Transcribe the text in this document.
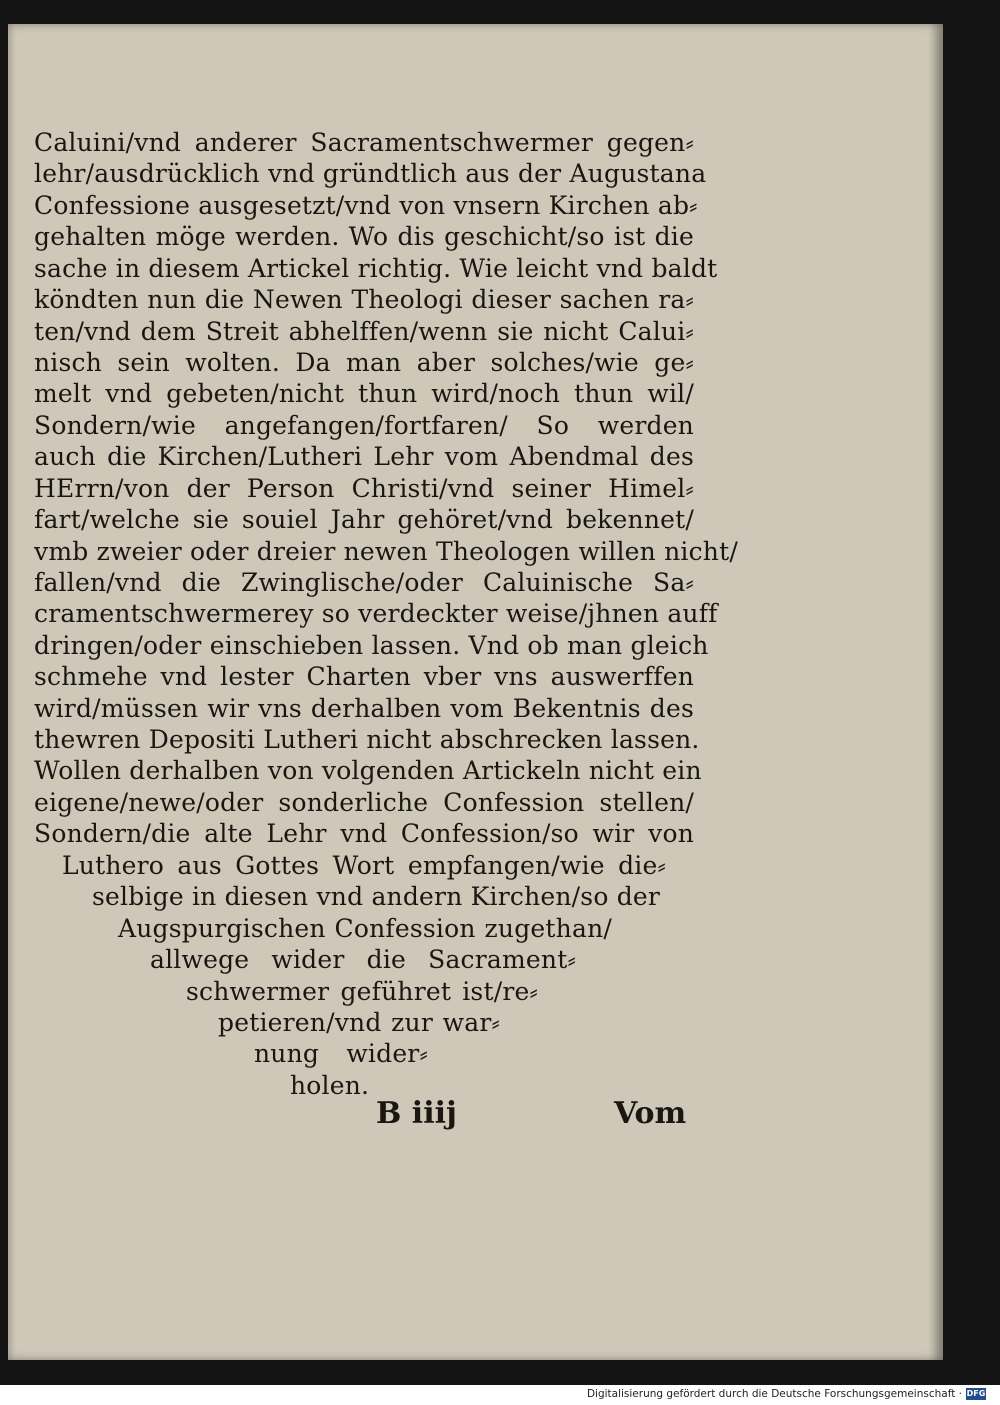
Caluini/vnd anderer Sacramentschwermer gegen⸗
lehr/ausdrücklich vnd gründtlich aus der Augustana
Confessione ausgesetzt/vnd von vnsern Kirchen ab⸗
gehalten möge werden. Wo dis geschicht/so ist die
sache in diesem Artickel richtig. Wie leicht vnd baldt
köndten nun die Newen Theologi dieser sachen ra⸗
ten/vnd dem Streit abhelffen/wenn sie nicht Calui⸗
nisch sein wolten. Da man aber solches/wie ge⸗
melt vnd gebeten/nicht thun wird/noch thun wil/
Sondern/wie angefangen/fortfaren/ So werden
auch die Kirchen/Lutheri Lehr vom Abendmal des
HErrn/von der Person Christi/vnd seiner Himel⸗
fart/welche sie souiel Jahr gehöret/vnd bekennet/
vmb zweier oder dreier newen Theologen willen nicht/
fallen/vnd die Zwinglische/oder Caluinische Sa⸗
cramentschwermerey so verdeckter weise/jhnen auff
dringen/oder einschieben lassen. Vnd ob man gleich
schmehe vnd lester Charten vber vns auswerffen
wird/müssen wir vns derhalben vom Bekentnis des
thewren Depositi Lutheri nicht abschrecken lassen.
Wollen derhalben von volgenden Artickeln nicht ein
eigene/newe/oder sonderliche Confession stellen/
Sondern/die alte Lehr vnd Confession/so wir von
Luthero aus Gottes Wort empfangen/wie die⸗
selbige in diesen vnd andern Kirchen/so der
Augspurgischen Confession zugethan/
allwege wider die Sacrament⸗
schwermer geführet ist/re⸗
petieren/vnd zur war⸗
nung wider⸗
holen.
B iiij	Vom
Digitalisierung gefördert durch die Deutsche Forschungsgemeinschaft · DFG
